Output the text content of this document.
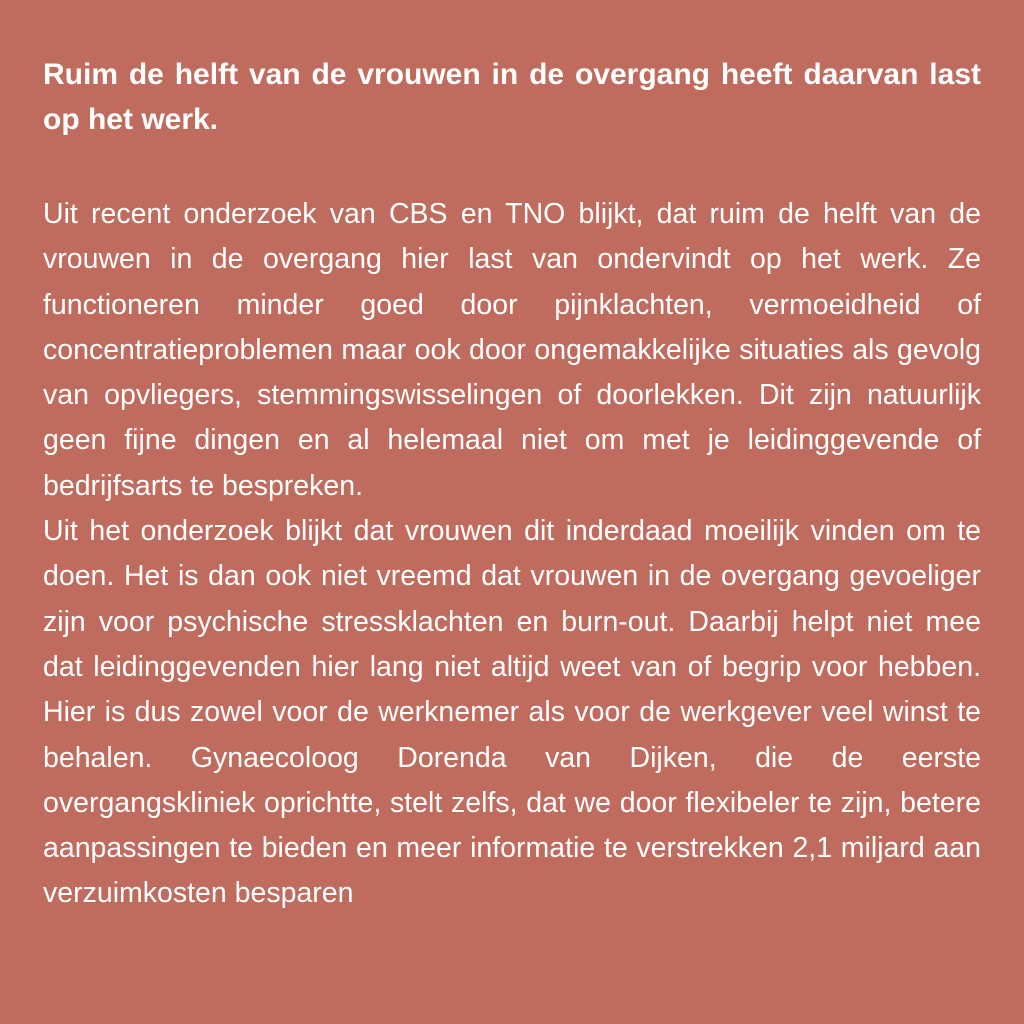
Ruim de helft van de vrouwen in de overgang heeft daarvan last op het werk.

Uit recent onderzoek van CBS en TNO blijkt, dat ruim de helft van de vrouwen in de overgang hier last van ondervindt op het werk. Ze functioneren minder goed door pijnklachten, vermoeidheid of concentratieproblemen maar ook door ongemakkelijke situaties als gevolg van opvliegers, stemmingswisselingen of doorlekken. Dit zijn natuurlijk geen fijne dingen en al helemaal niet om met je leidinggevende of bedrijfsarts te bespreken.

Uit het onderzoek blijkt dat vrouwen dit inderdaad moeilijk vinden om te doen. Het is dan ook niet vreemd dat vrouwen in de overgang gevoeliger zijn voor psychische stressklachten en burn-out. Daarbij helpt niet mee dat leidinggevenden hier lang niet altijd weet van of begrip voor hebben. Hier is dus zowel voor de werknemer als voor de werkgever veel winst te behalen. Gynaecoloog Dorenda van Dijken, die de eerste overgangskliniek oprichtte, stelt zelfs, dat we door flexibeler te zijn, betere aanpassingen te bieden en meer informatie te verstrekken 2,1 miljard aan verzuimkosten besparen
